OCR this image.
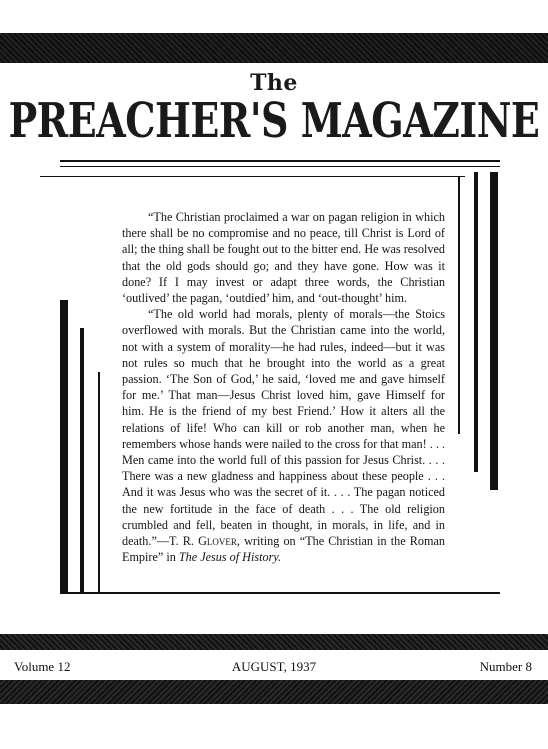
The
PREACHER'S MAGAZINE

“The Christian proclaimed a war on pagan religion in which there shall be no compromise and no peace, till Christ is Lord of all; the thing shall be fought out to the bitter end. He was resolved that the old gods should go; and they have gone. How was it done? If I may invest or adapt three words, the Christian ‘outlived’ the pagan, ‘outdied’ him, and ‘out-thought’ him.

“The old world had morals, plenty of morals—the Stoics overflowed with morals. But the Christian came into the world, not with a system of morality—he had rules, indeed—but it was not rules so much that he brought into the world as a great passion. ‘The Son of God,’ he said, ‘loved me and gave himself for me.’ That man—Jesus Christ loved him, gave Himself for him. He is the friend of my best Friend.’ How it alters all the relations of life! Who can kill or rob another man, when he remembers whose hands were nailed to the cross for that man! . . . Men came into the world full of this passion for Jesus Christ. . . . There was a new gladness and happiness about these people . . . And it was Jesus who was the secret of it. . . . The pagan noticed the new fortitude in the face of death . . . The old religion crumbled and fell, beaten in thought, in morals, in life, and in death.”—T. R. Glover, writing on “The Christian in the Roman Empire” in The Jesus of History.

Volume 12	AUGUST, 1937	Number 8
